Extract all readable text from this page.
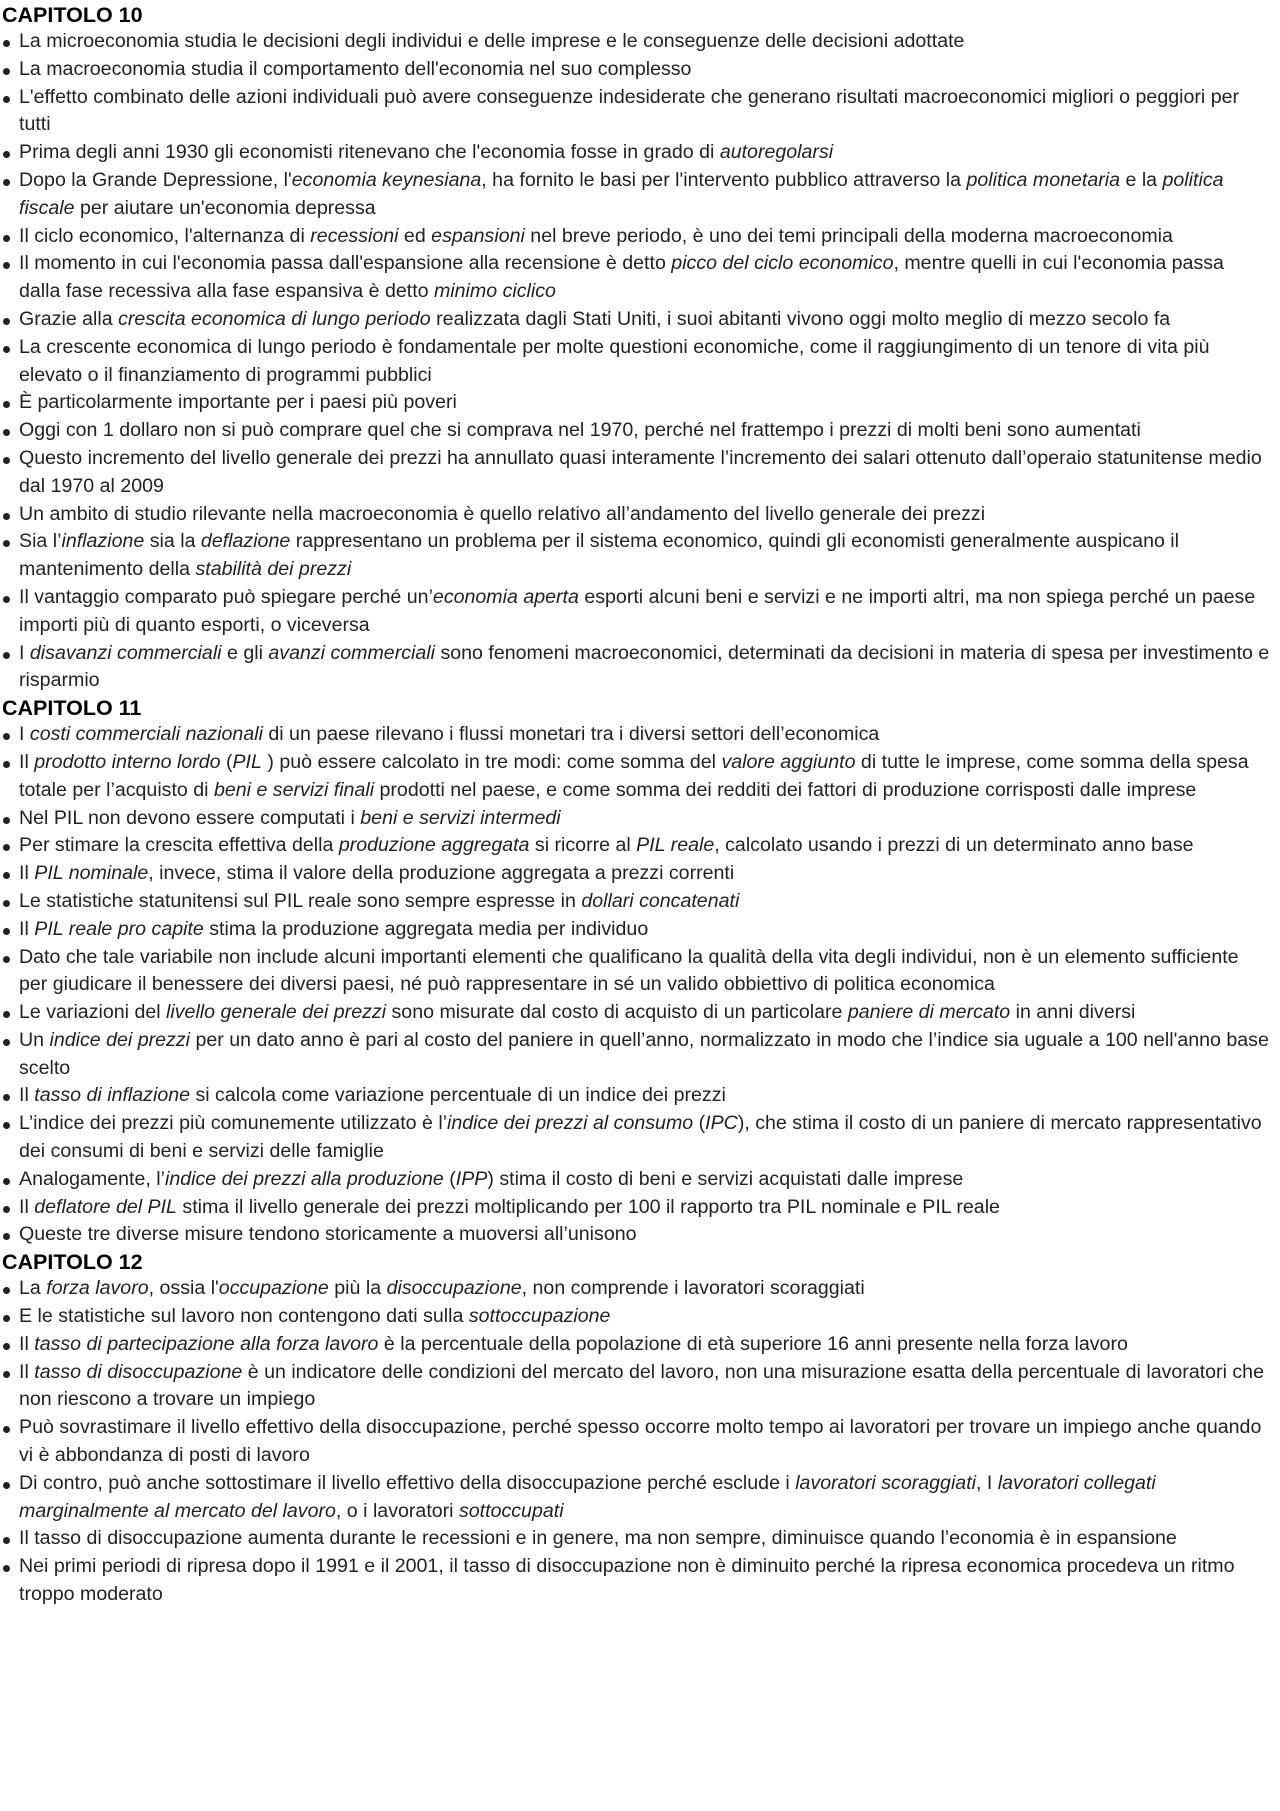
CAPITOLO 10
La microeconomia studia le decisioni degli individui e delle imprese e le conseguenze delle decisioni adottate
La macroeconomia studia il comportamento dell'economia nel suo complesso
L'effetto combinato delle azioni individuali può avere conseguenze indesiderate che generano risultati macroeconomici migliori o peggiori per tutti
Prima degli anni 1930 gli economisti ritenevano che l'economia fosse in grado di autoregolarsi
Dopo la Grande Depressione, l'economia keynesiana, ha fornito le basi per l'intervento pubblico attraverso la politica monetaria e la politica fiscale per aiutare un'economia depressa
Il ciclo economico, l'alternanza di recessioni ed espansioni nel breve periodo, è uno dei temi principali della moderna macroeconomia
Il momento in cui l'economia passa dall'espansione alla recensione è detto picco del ciclo economico, mentre quelli in cui l'economia passa dalla fase recessiva alla fase espansiva è detto minimo ciclico
Grazie alla crescita economica di lungo periodo realizzata dagli Stati Uniti, i suoi abitanti vivono oggi molto meglio di mezzo secolo fa
La crescente economica di lungo periodo è fondamentale per molte questioni economiche, come il raggiungimento di un tenore di vita più elevato o il finanziamento di programmi pubblici
È particolarmente importante per i paesi più poveri
Oggi con 1 dollaro non si può comprare quel che si comprava nel 1970, perché nel frattempo i prezzi di molti beni sono aumentati
Questo incremento del livello generale dei prezzi ha annullato quasi interamente l’incremento dei salari ottenuto dall’operaio statunitense medio dal 1970 al 2009
Un ambito di studio rilevante nella macroeconomia è quello relativo all’andamento del livello generale dei prezzi
Sia l’inflazione sia la deflazione rappresentano un problema per il sistema economico, quindi gli economisti generalmente auspicano il mantenimento della stabilità dei prezzi
Il vantaggio comparato può spiegare perché un’economia aperta esporti alcuni beni e servizi e ne importi altri, ma non spiega perché un paese importi più di quanto esporti, o viceversa
I disavanzi commerciali e gli avanzi commerciali sono fenomeni macroeconomici, determinati da decisioni in materia di spesa per investimento e risparmio
CAPITOLO 11
I costi commerciali nazionali di un paese rilevano i flussi monetari tra i diversi settori dell’economica
Il prodotto interno lordo (PIL ) può essere calcolato in tre modi: come somma del valore aggiunto di tutte le imprese, come somma della spesa totale per l’acquisto di beni e servizi finali prodotti nel paese, e come somma dei redditi dei fattori di produzione corrisposti dalle imprese
Nel PIL non devono essere computati i beni e servizi intermedi
Per stimare la crescita effettiva della produzione aggregata si ricorre al PIL reale, calcolato usando i prezzi di un determinato anno base
Il PIL nominale, invece, stima il valore della produzione aggregata a prezzi correnti
Le statistiche statunitensi sul PIL reale sono sempre espresse in dollari concatenati
Il PIL reale pro capite stima la produzione aggregata media per individuo
Dato che tale variabile non include alcuni importanti elementi che qualificano la qualità della vita degli individui, non è un elemento sufficiente per giudicare il benessere dei diversi paesi, né può rappresentare in sé un valido obbiettivo di politica economica
Le variazioni del livello generale dei prezzi sono misurate dal costo di acquisto di un particolare paniere di mercato in anni diversi
Un indice dei prezzi per un dato anno è pari al costo del paniere in quell’anno, normalizzato in modo che l’indice sia uguale a 100 nell'anno base scelto
Il tasso di inflazione si calcola come variazione percentuale di un indice dei prezzi
L’indice dei prezzi più comunemente utilizzato è l’indice dei prezzi al consumo (IPC), che stima il costo di un paniere di mercato rappresentativo dei consumi di beni e servizi delle famiglie
Analogamente, l’indice dei prezzi alla produzione (IPP) stima il costo di beni e servizi acquistati dalle imprese
Il deflatore del PIL stima il livello generale dei prezzi moltiplicando per 100 il rapporto tra PIL nominale e PIL reale
Queste tre diverse misure tendono storicamente a muoversi all’unisono
CAPITOLO 12
La forza lavoro, ossia l'occupazione più la disoccupazione, non comprende i lavoratori scoraggiati
E le statistiche sul lavoro non contengono dati sulla sottoccupazione
Il tasso di partecipazione alla forza lavoro è la percentuale della popolazione di età superiore 16 anni presente nella forza lavoro
Il tasso di disoccupazione è un indicatore delle condizioni del mercato del lavoro, non una misurazione esatta della percentuale di lavoratori che non riescono a trovare un impiego
Può sovrastimare il livello effettivo della disoccupazione, perché spesso occorre molto tempo ai lavoratori per trovare un impiego anche quando vi è abbondanza di posti di lavoro
Di contro, può anche sottostimare il livello effettivo della disoccupazione perché esclude i lavoratori scoraggiati, I lavoratori collegati marginalmente al mercato del lavoro, o i lavoratori sottoccupati
Il tasso di disoccupazione aumenta durante le recessioni e in genere, ma non sempre, diminuisce quando l’economia è in espansione
Nei primi periodi di ripresa dopo il 1991 e il 2001, il tasso di disoccupazione non è diminuito perché la ripresa economica procedeva un ritmo troppo moderato
